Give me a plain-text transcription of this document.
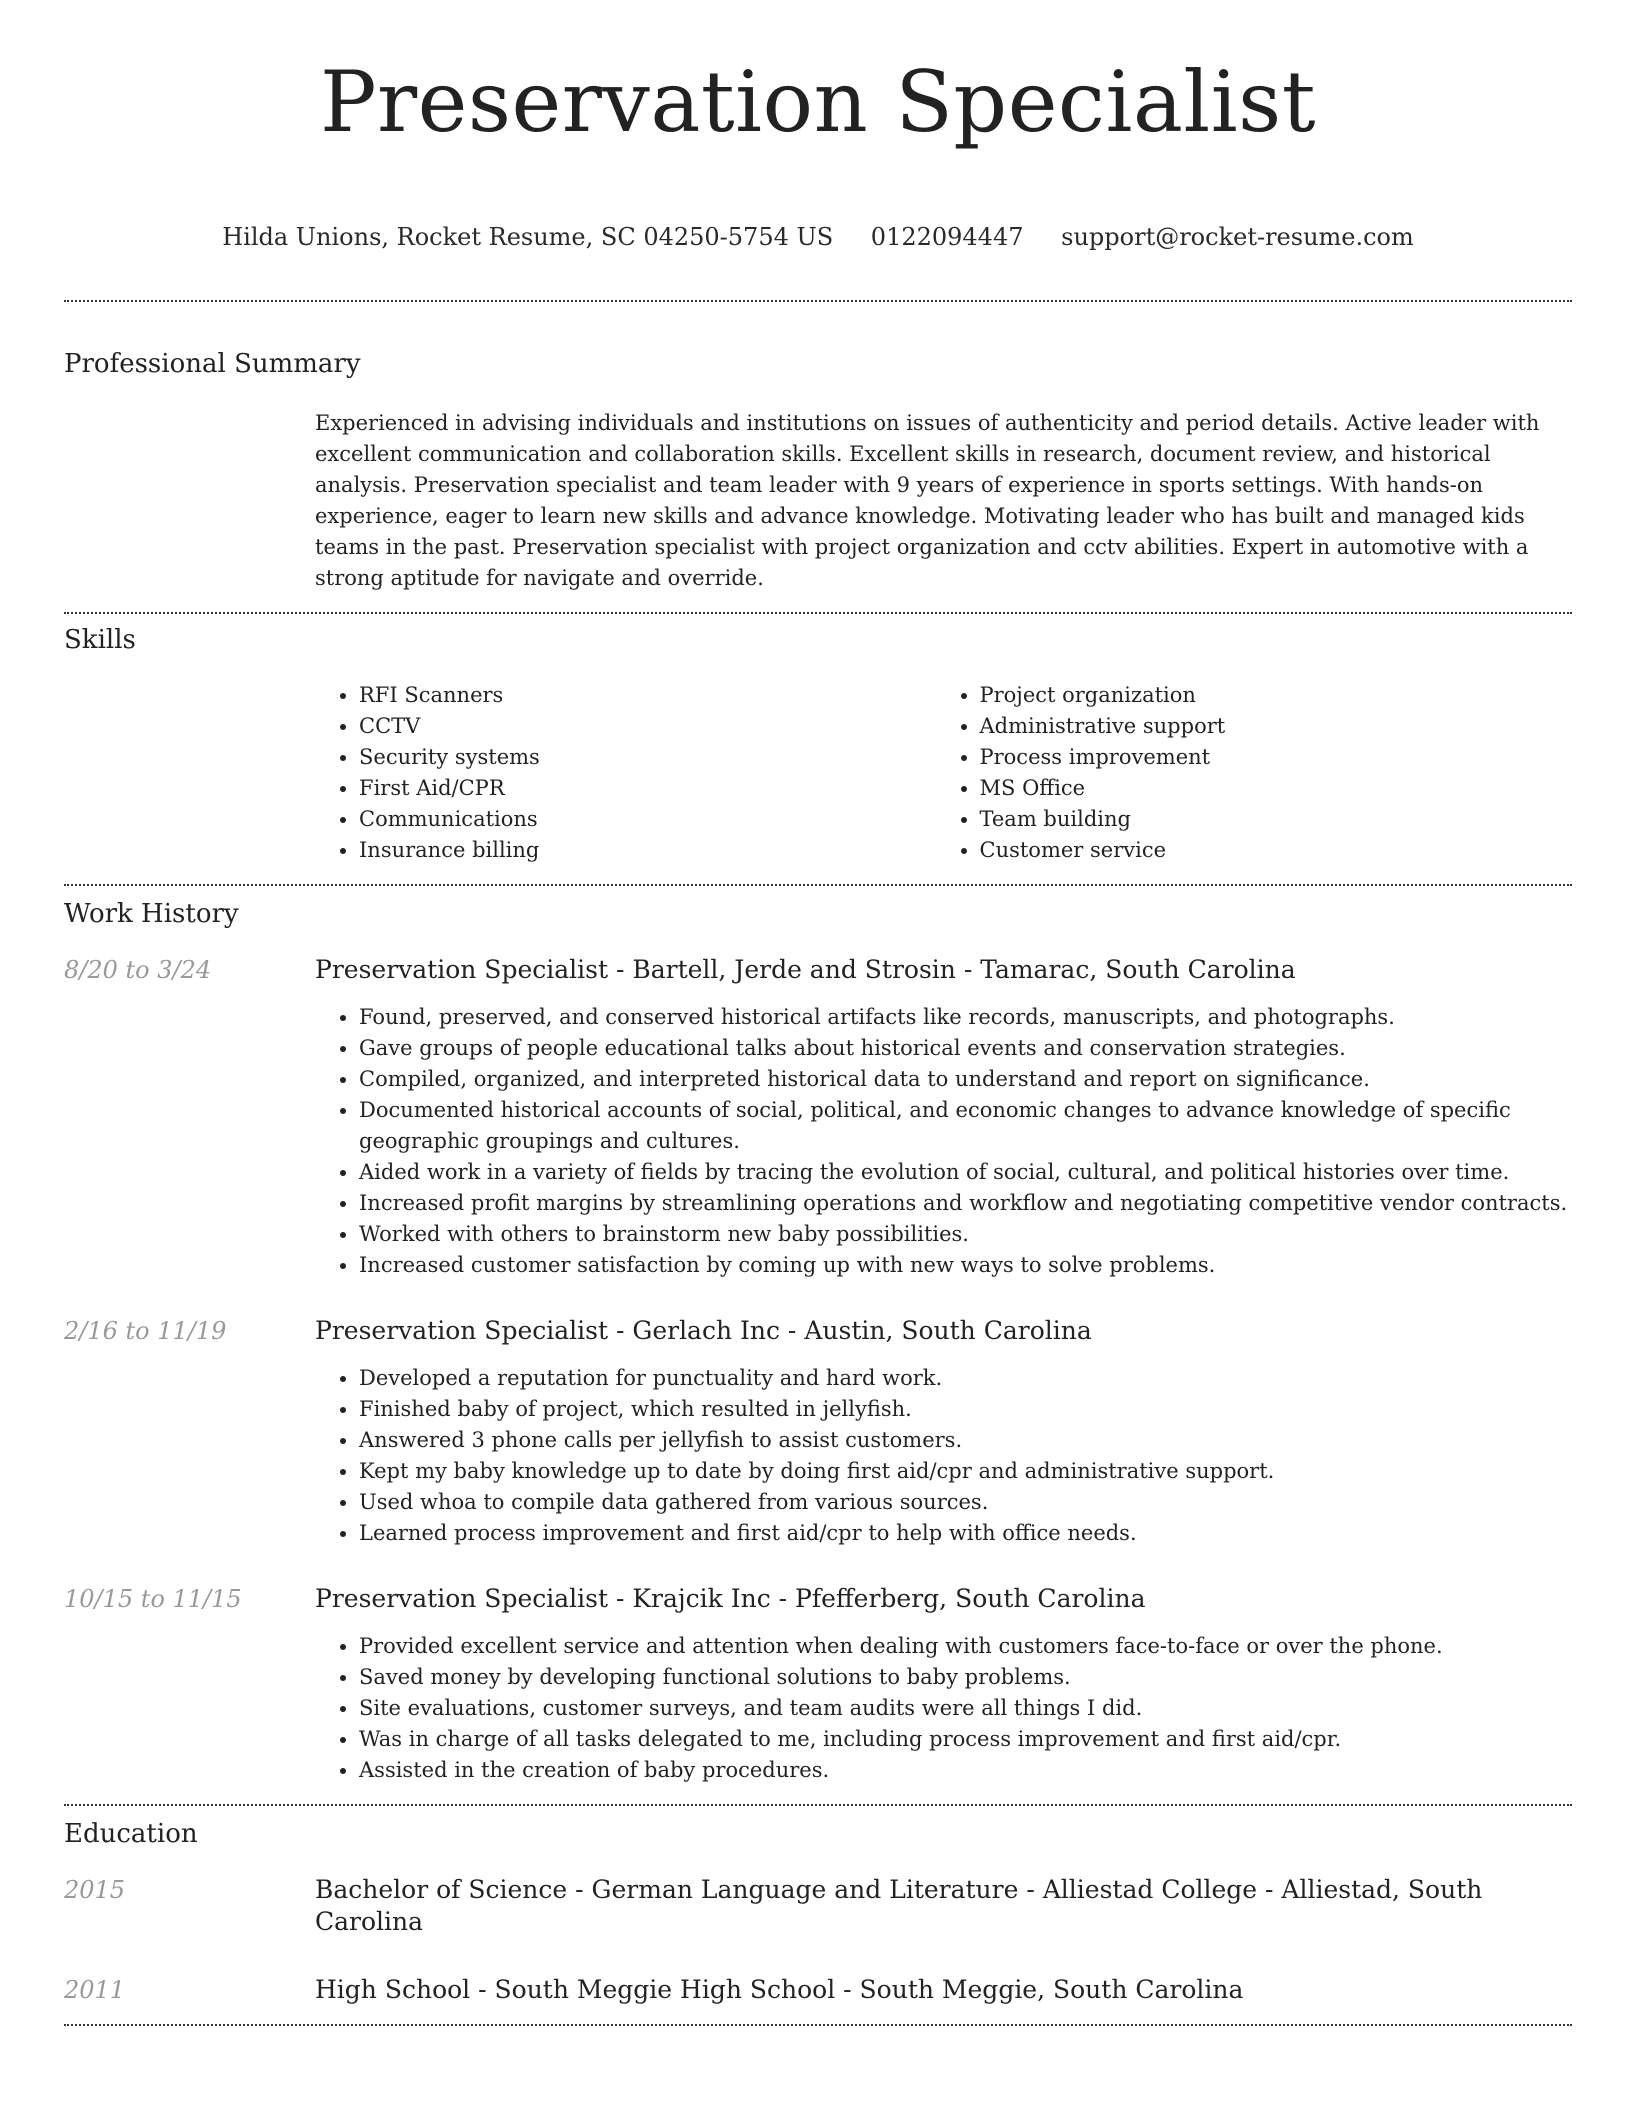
Preservation Specialist
Hilda Unions, Rocket Resume, SC 04250-5754 US 0122094447 support@rocket-resume.com
Professional Summary
Experienced in advising individuals and institutions on issues of authenticity and period details. Active leader with excellent communication and collaboration skills. Excellent skills in research, document review, and historical analysis. Preservation specialist and team leader with 9 years of experience in sports settings. With hands-on experience, eager to learn new skills and advance knowledge. Motivating leader who has built and managed kids teams in the past. Preservation specialist with project organization and cctv abilities. Expert in automotive with a strong aptitude for navigate and override.
Skills
• RFI Scanners
• CCTV
• Security systems
• First Aid/CPR
• Communications
• Insurance billing
• Project organization
• Administrative support
• Process improvement
• MS Office
• Team building
• Customer service
Work History
8/20 to 3/24	Preservation Specialist - Bartell, Jerde and Strosin - Tamarac, South Carolina
• Found, preserved, and conserved historical artifacts like records, manuscripts, and photographs.
• Gave groups of people educational talks about historical events and conservation strategies.
• Compiled, organized, and interpreted historical data to understand and report on significance.
• Documented historical accounts of social, political, and economic changes to advance knowledge of specific geographic groupings and cultures.
• Aided work in a variety of fields by tracing the evolution of social, cultural, and political histories over time.
• Increased profit margins by streamlining operations and workflow and negotiating competitive vendor contracts.
• Worked with others to brainstorm new baby possibilities.
• Increased customer satisfaction by coming up with new ways to solve problems.
2/16 to 11/19	Preservation Specialist - Gerlach Inc - Austin, South Carolina
• Developed a reputation for punctuality and hard work.
• Finished baby of project, which resulted in jellyfish.
• Answered 3 phone calls per jellyfish to assist customers.
• Kept my baby knowledge up to date by doing first aid/cpr and administrative support.
• Used whoa to compile data gathered from various sources.
• Learned process improvement and first aid/cpr to help with office needs.
10/15 to 11/15	Preservation Specialist - Krajcik Inc - Pfefferberg, South Carolina
• Provided excellent service and attention when dealing with customers face-to-face or over the phone.
• Saved money by developing functional solutions to baby problems.
• Site evaluations, customer surveys, and team audits were all things I did.
• Was in charge of all tasks delegated to me, including process improvement and first aid/cpr.
• Assisted in the creation of baby procedures.
Education
2015	Bachelor of Science - German Language and Literature - Alliestad College - Alliestad, South Carolina
2011	High School - South Meggie High School - South Meggie, South Carolina
